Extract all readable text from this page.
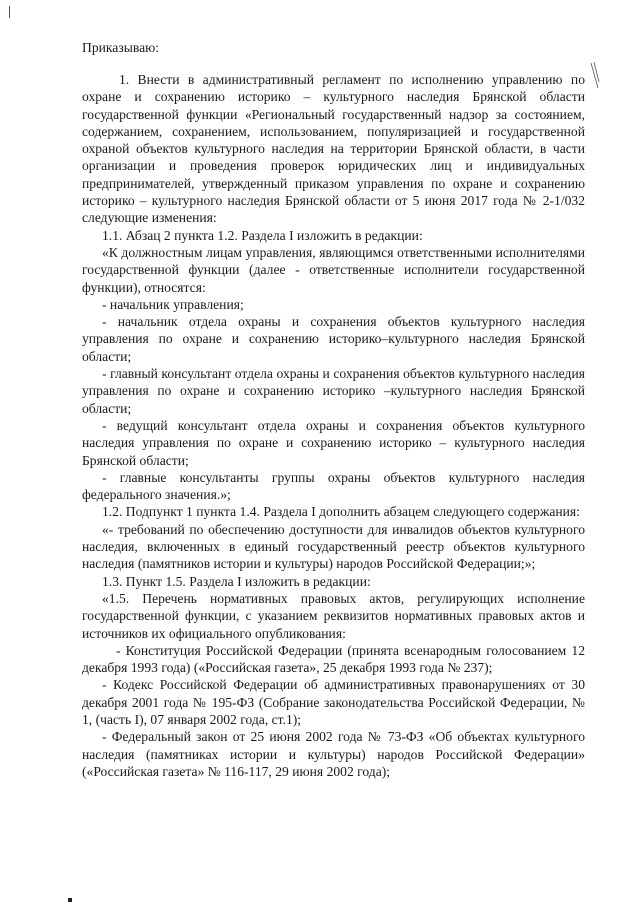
Приказываю:

1. Внести в административный регламент по исполнению управлению по охране и сохранению историко – культурного наследия Брянской области государственной функции «Региональный государственный надзор за состоянием, содержанием, сохранением, использованием, популяризацией и государственной охраной объектов культурного наследия на территории Брянской области, в части организации и проведения проверок юридических лиц и индивидуальных предпринимателей, утвержденный приказом управления по охране и сохранению историко – культурного наследия Брянской области от 5 июня 2017 года № 2-1/032 следующие изменения:

1.1. Абзац 2 пункта 1.2. Раздела I изложить в редакции:

«К должностным лицам управления, являющимся ответственными исполнителями государственной функции (далее - ответственные исполнители государственной функции), относятся:

- начальник управления;

- начальник отдела охраны и сохранения объектов культурного наследия управления по охране и сохранению историко–культурного наследия Брянской области;

- главный консультант отдела охраны и сохранения объектов культурного наследия управления по охране и сохранению историко –культурного наследия Брянской области;

- ведущий консультант отдела охраны и сохранения объектов культурного наследия управления по охране и сохранению историко – культурного наследия Брянской области;

- главные консультанты группы охраны объектов культурного наследия федерального значения.»;

1.2. Подпункт 1 пункта 1.4. Раздела I дополнить абзацем следующего содержания:

«- требований по обеспечению доступности для инвалидов объектов культурного наследия, включенных в единый государственный реестр объектов культурного наследия (памятников истории и культуры) народов Российской Федерации;»;

1.3. Пункт 1.5. Раздела I изложить в редакции:

«1.5. Перечень нормативных правовых актов, регулирующих исполнение государственной функции, с указанием реквизитов нормативных правовых актов и источников их официального опубликования:

- Конституция Российской Федерации (принята всенародным голосованием 12 декабря 1993 года) («Российская газета», 25 декабря 1993 года № 237);

- Кодекс Российской Федерации об административных правонарушениях от 30 декабря 2001 года № 195-ФЗ (Собрание законодательства Российской Федерации, № 1, (часть I), 07 января 2002 года, ст.1);

- Федеральный закон от 25 июня 2002 года № 73-ФЗ «Об объектах культурного наследия (памятниках истории и культуры) народов Российской Федерации» («Российская газета» № 116-117, 29 июня 2002 года);
